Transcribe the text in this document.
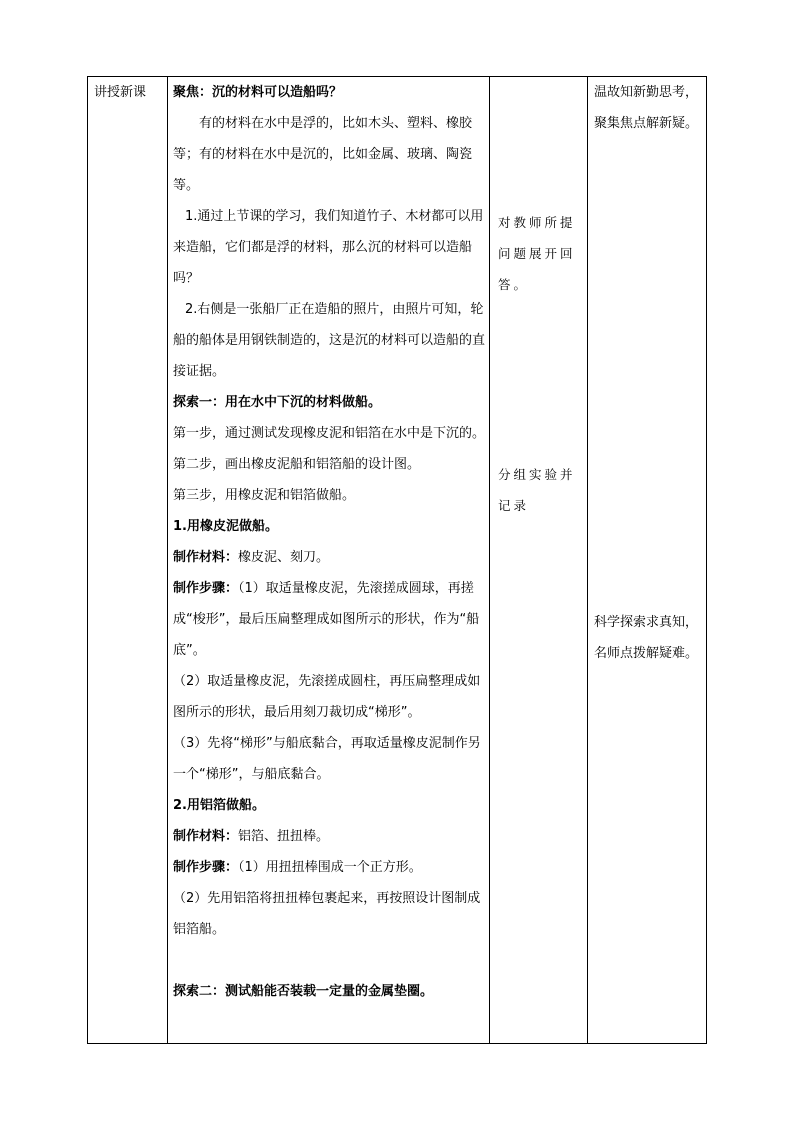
讲授新课	聚焦：沉的材料可以造船吗？

有的材料在水中是浮的，比如木头、塑料、橡胶等；有的材料在水中是沉的，比如金属、玻璃、陶瓷等。

1.通过上节课的学习，我们知道竹子、木材都可以用来造船，它们都是浮的材料，那么沉的材料可以造船吗？

2.右侧是一张船厂正在造船的照片，由照片可知，轮船的船体是用钢铁制造的，这是沉的材料可以造船的直接证据。

探索一：用在水中下沉的材料做船。

第一步，通过测试发现橡皮泥和铝箔在水中是下沉的。

第二步，画出橡皮泥船和铝箔船的设计图。

第三步，用橡皮泥和铝箔做船。

1.用橡皮泥做船。

制作材料：橡皮泥、刻刀。

制作步骤：（1）取适量橡皮泥，先滚搓成圆球，再搓成“梭形”，最后压扁整理成如图所示的形状，作为“船底”。

（2）取适量橡皮泥，先滚搓成圆柱，再压扁整理成如图所示的形状，最后用刻刀裁切成“梯形”。

（3）先将“梯形”与船底黏合，再取适量橡皮泥制作另一个“梯形”，与船底黏合。

2.用铝箔做船。

制作材料：铝箔、扭扭棒。

制作步骤：（1）用扭扭棒围成一个正方形。

（2）先用铝箔将扭扭棒包裹起来，再按照设计图制成铝箔船。

探索二：测试船能否装载一定量的金属垫圈。

对教师所提问题展开回答。
分组实验并记录
温故知新勤思考，聚集焦点解新疑。
科学探索求真知，名师点拨解疑难。
